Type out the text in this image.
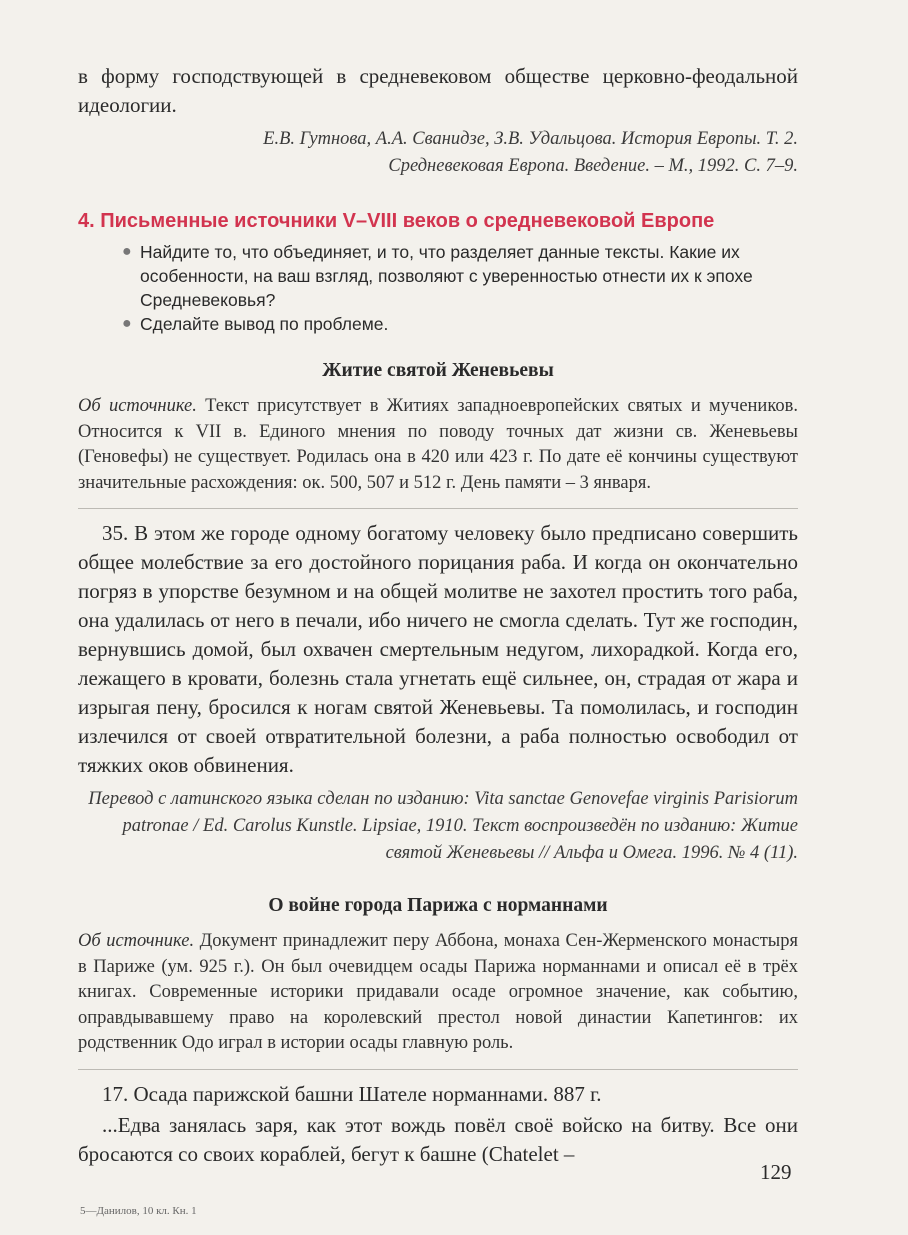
в форму господствующей в средневековом обществе церковно-феодальной идеологии.

Е.В. Гутнова, А.А. Сванидзе, З.В. Удальцова. История Европы. Т. 2.
Средневековая Европа. Введение. – М., 1992. С. 7–9.
4. Письменные источники V–VIII веков о средневековой Европе
● Найдите то, что объединяет, и то, что разделяет данные тексты. Какие их особенности, на ваш взгляд, позволяют с уверенностью отнести их к эпохе Средневековья?
● Сделайте вывод по проблеме.
Житие святой Женевьевы

Об источнике. Текст присутствует в Житиях западноевропейских святых и мучеников. Относится к VII в. Единого мнения по поводу точных дат жизни св. Женевьевы (Геновефы) не существует. Родилась она в 420 или 423 г. По дате её кончины существуют значительные расхождения: ок. 500, 507 и 512 г. День памяти – 3 января.

35. В этом же городе одному богатому человеку было предписано совершить общее молебствие за его достойного порицания раба. И когда он окончательно погряз в упорстве безумном и на общей молитве не захотел простить того раба, она удалилась от него в печали, ибо ничего не смогла сделать. Тут же господин, вернувшись домой, был охвачен смертельным недугом, лихорадкой. Когда его, лежащего в кровати, болезнь стала угнетать ещё сильнее, он, страдая от жара и изрыгая пену, бросился к ногам святой Женевьевы. Та помолилась, и господин излечился от своей отвратительной болезни, а раба полностью освободил от тяжких оков обвинения.

Перевод с латинского языка сделан по изданию: Vita sanctae Genovefae virginis Parisiorum patronae / Ed. Carolus Kunstle. Lipsiae, 1910. Текст воспроизведён по изданию: Житие святой Женевьевы // Альфа и Омега. 1996. № 4 (11).

О войне города Парижа с норманнами

Об источнике. Документ принадлежит перу Аббона, монаха Сен-Жерменского монастыря в Париже (ум. 925 г.). Он был очевидцем осады Парижа норманнами и описал её в трёх книгах. Современные историки придавали осаде огромное значение, как событию, оправдывавшему право на королевский престол новой династии Капетингов: их родственник Одо играл в истории осады главную роль.

17. Осада парижской башни Шателе норманнами. 887 г.

...Едва занялась заря, как этот вождь повёл своё войско на битву. Все они бросаются со своих кораблей, бегут к башне (Chatelet –

129
5—Данилов, 10 кл. Кн. 1
